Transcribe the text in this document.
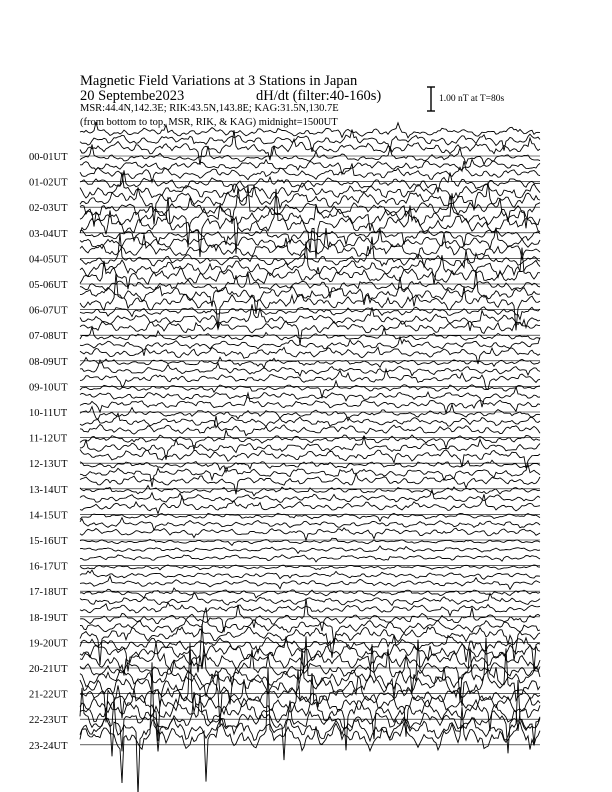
Magnetic Field Variations at 3 Stations in Japan
20 Septembe2023	dH/dt (filter:40-160s)
MSR:44.4N,142.3E; RIK:43.5N,143.8E; KAG:31.5N,130.7E
(from bottom to top, MSR, RIK, & KAG) midnight=1500UT
1.00 nT at T=80s
00-01UT
01-02UT
02-03UT
03-04UT
04-05UT
05-06UT
06-07UT
07-08UT
08-09UT
09-10UT
10-11UT
11-12UT
12-13UT
13-14UT
14-15UT
15-16UT
16-17UT
17-18UT
18-19UT
19-20UT
20-21UT
21-22UT
22-23UT
23-24UT
